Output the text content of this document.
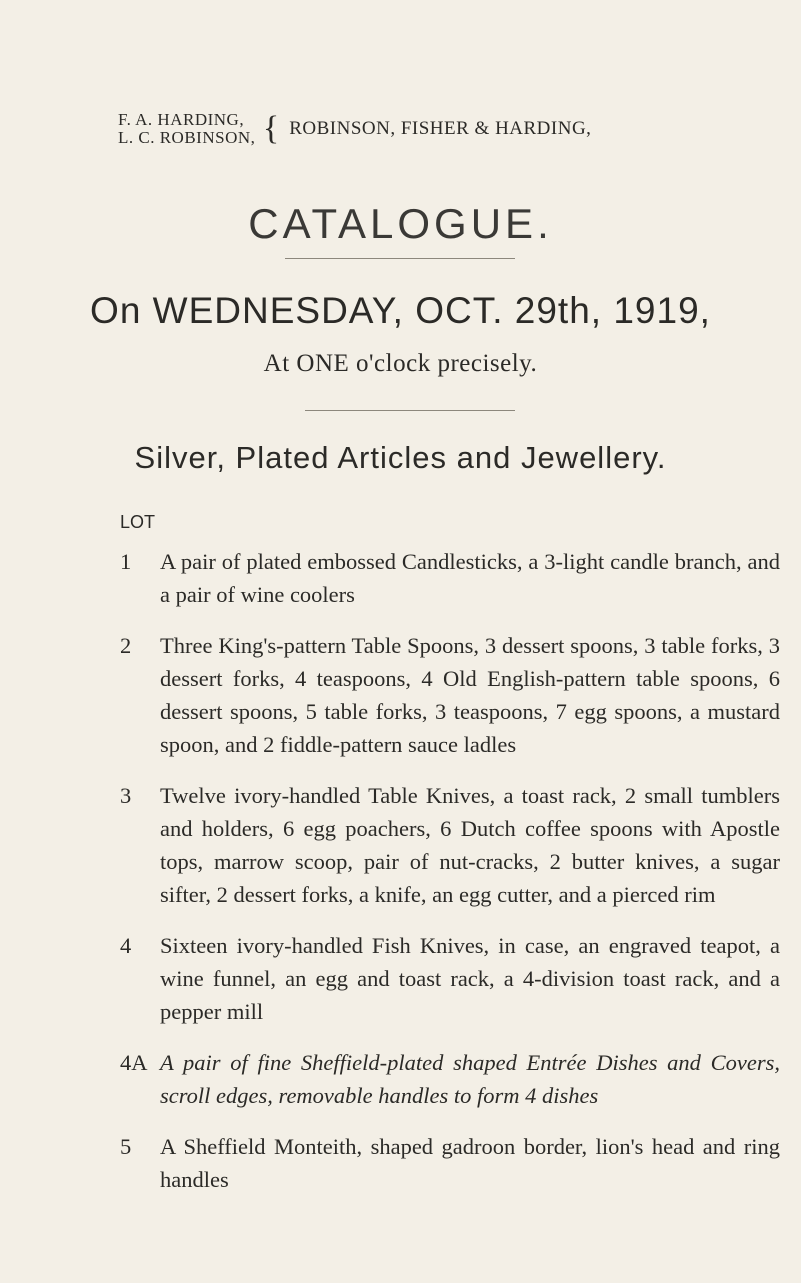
F. A. HARDING,
L. C. ROBINSON, { ROBINSON, FISHER & HARDING,
CATALOGUE.
On WEDNESDAY, OCT. 29th, 1919,
At ONE o'clock precisely.
Silver, Plated Articles and Jewellery.
LOT
1 A pair of plated embossed Candlesticks, a 3-light candle branch, and a pair of wine coolers
2 Three King's-pattern Table Spoons, 3 dessert spoons, 3 table forks, 3 dessert forks, 4 teaspoons, 4 Old English-pattern table spoons, 6 dessert spoons, 5 table forks, 3 teaspoons, 7 egg spoons, a mustard spoon, and 2 fiddle-pattern sauce ladles
3 Twelve ivory-handled Table Knives, a toast rack, 2 small tumblers and holders, 6 egg poachers, 6 Dutch coffee spoons with Apostle tops, marrow scoop, pair of nut-cracks, 2 butter knives, a sugar sifter, 2 dessert forks, a knife, an egg cutter, and a pierced rim
4 Sixteen ivory-handled Fish Knives, in case, an engraved teapot, a wine funnel, an egg and toast rack, a 4-division toast rack, and a pepper mill
4A A pair of fine Sheffield-plated shaped Entrée Dishes and Covers, scroll edges, removable handles to form 4 dishes
5 A Sheffield Monteith, shaped gadroon border, lion's head and ring handles
